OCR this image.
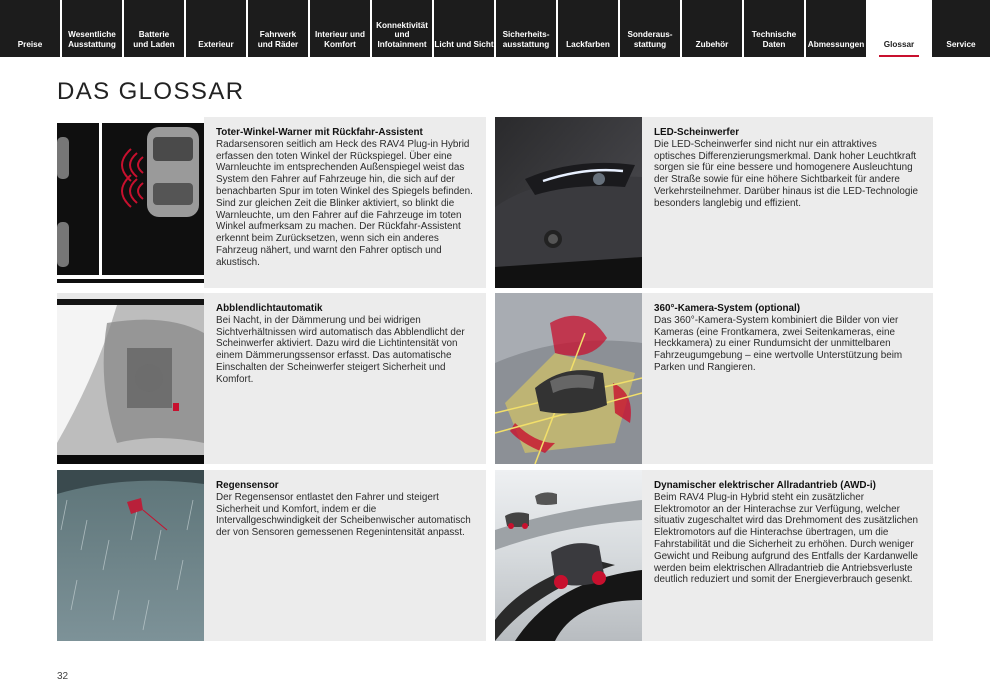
Preise
Wesentliche
Ausstattung
Batterie
und Laden	Exterieur
Fahrwerk
und Räder
Interieur und
Komfort
Konnektivität
und
Infotainment Licht und Sicht
Sicherheits-
ausstattung	Lackfarben
Sonderaus-
stattung	Zubehör
Technische
Daten	Abmessungen	Glossar	Service
DAS GLOSSAR
Toter-Winkel-Warner mit Rückfahr-Assistent

Radarsensoren seitlich am Heck des RAV4 Plug-in Hybrid erfassen den toten Winkel der Rückspiegel. Über eine Warnleuchte im entsprechenden Außenspiegel weist das System den Fahrer auf Fahrzeuge hin, die sich auf der benachbarten Spur im toten Winkel des Spiegels befinden. Sind zur gleichen Zeit die Blinker aktiviert, so blinkt die Warnleuchte, um den Fahrer auf die Fahrzeuge im toten Winkel aufmerksam zu machen. Der Rückfahr-Assistent erkennt beim Zurücksetzen, wenn sich ein anderes Fahrzeug nähert, und warnt den Fahrer optisch und akustisch.

LED-Scheinwerfer

Die LED-Scheinwerfer sind nicht nur ein attraktives optisches Differenzierungsmerkmal. Dank hoher Leuchtkraft sorgen sie für eine bessere und homogenere Ausleuchtung der Straße sowie für eine höhere Sichtbarkeit für andere Verkehrsteilnehmer. Darüber hinaus ist die LED-Technologie besonders langlebig und effizient.

Abblendlichtautomatik

Bei Nacht, in der Dämmerung und bei widrigen Sichtverhältnissen wird automatisch das Abblendlicht der Scheinwerfer aktiviert. Dazu wird die Lichtintensität von einem Dämmerungssensor erfasst. Das automatische Einschalten der Scheinwerfer steigert Sicherheit und Komfort.

360°-Kamera-System (optional)

Das 360°-Kamera-System kombiniert die Bilder von vier Kameras (eine Frontkamera, zwei Seitenkameras, eine Heckkamera) zu einer Rundumsicht der unmittelbaren Fahrzeugumgebung – eine wertvolle Unterstützung beim Parken und Rangieren.

Regensensor

Der Regensensor entlastet den Fahrer und steigert Sicherheit und Komfort, indem er die Intervallgeschwindigkeit der Scheibenwischer automatisch der von Sensoren gemessenen Regenintensität anpasst.

Dynamischer elektrischer Allradantrieb (AWD-i)

Beim RAV4 Plug-in Hybrid steht ein zusätzlicher Elektromotor an der Hinterachse zur Verfügung, welcher situativ zugeschaltet wird das Drehmoment des zusätzlichen Elektromotors auf die Hinterachse übertragen, um die Fahrstabilität und die Sicherheit zu erhöhen. Durch weniger Gewicht und Reibung aufgrund des Entfalls der Kardanwelle werden beim elektrischen Allradantrieb die Antriebsverluste deutlich reduziert und somit der Energieverbrauch gesenkt.

32
